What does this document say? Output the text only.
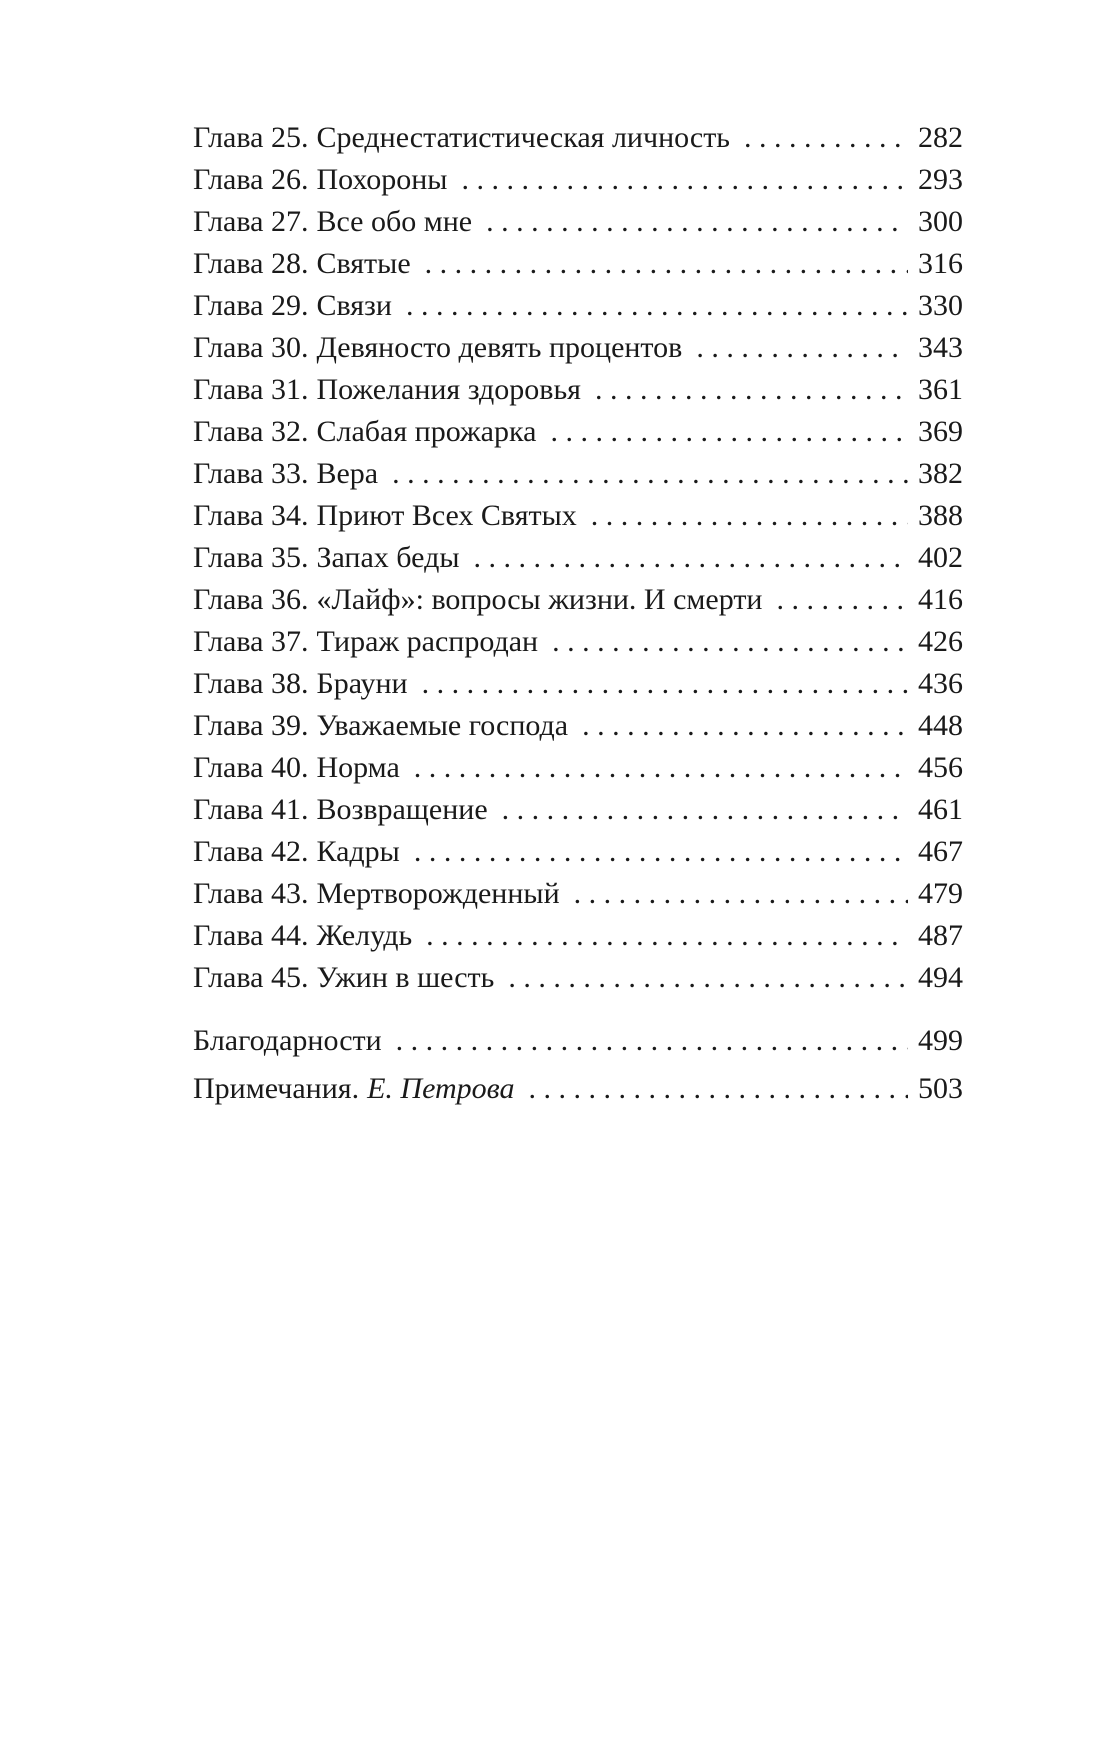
Глава 25. Среднестатистическая личность . . .	282
Глава 26. Похороны . . .	293
Глава 27. Все обо мне . . .	300
Глава 28. Святые . . .	316
Глава 29. Связи . . .	330
Глава 30. Девяносто девять процентов . . .	343
Глава 31. Пожелания здоровья . . .	361
Глава 32. Слабая прожарка . . .	369
Глава 33. Вера . . .	382
Глава 34. Приют Всех Святых . . .	388
Глава 35. Запах беды . . .	402
Глава 36. «Лайф»: вопросы жизни. И смерти . . .	416
Глава 37. Тираж распродан . . .	426
Глава 38. Брауни . . .	436
Глава 39. Уважаемые господа . . .	448
Глава 40. Норма . . .	456
Глава 41. Возвращение . . .	461
Глава 42. Кадры . . .	467
Глава 43. Мертворожденный . . .	479
Глава 44. Желудь . . .	487
Глава 45. Ужин в шесть . . .	494
Благодарности . . .	499
Примечания. Е. Петрова . . .	503
